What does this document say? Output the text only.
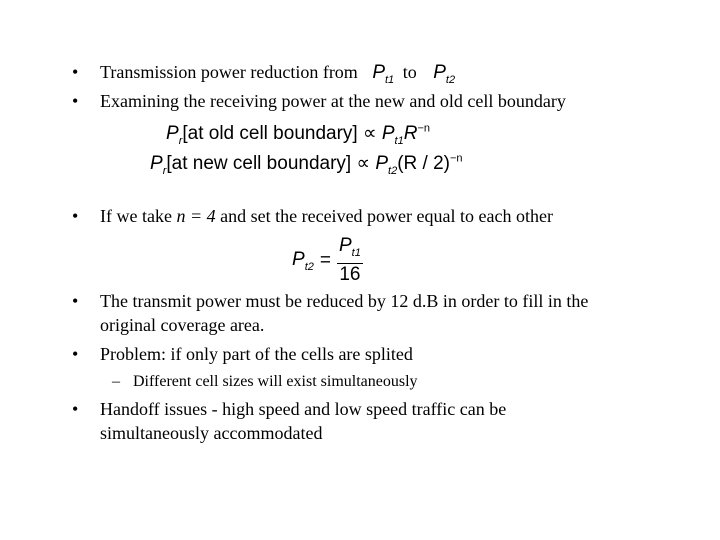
• Transmission power reduction from $P_{t1}$ to $P_{t2}$
• Examining the receiving power at the new and old cell boundary
$P_r[at$ old cell boundary] ∝ $P_{t1}R^{-n}$
$P_r[at$ new cell boundary] ∝ $P_{t2}(R / 2)^{-n}$
• If we take n = 4 and set the received power equal to each other
$P_{t2} = \frac{P_{t1}}{16}$
• The transmit power must be reduced by 12 d.B in order to fill in the
original coverage area.
• Problem: if only part of the cells are splited
– Different cell sizes will exist simultaneously
• Handoff issues - high speed and low speed traffic can be
simultaneously accommodated
